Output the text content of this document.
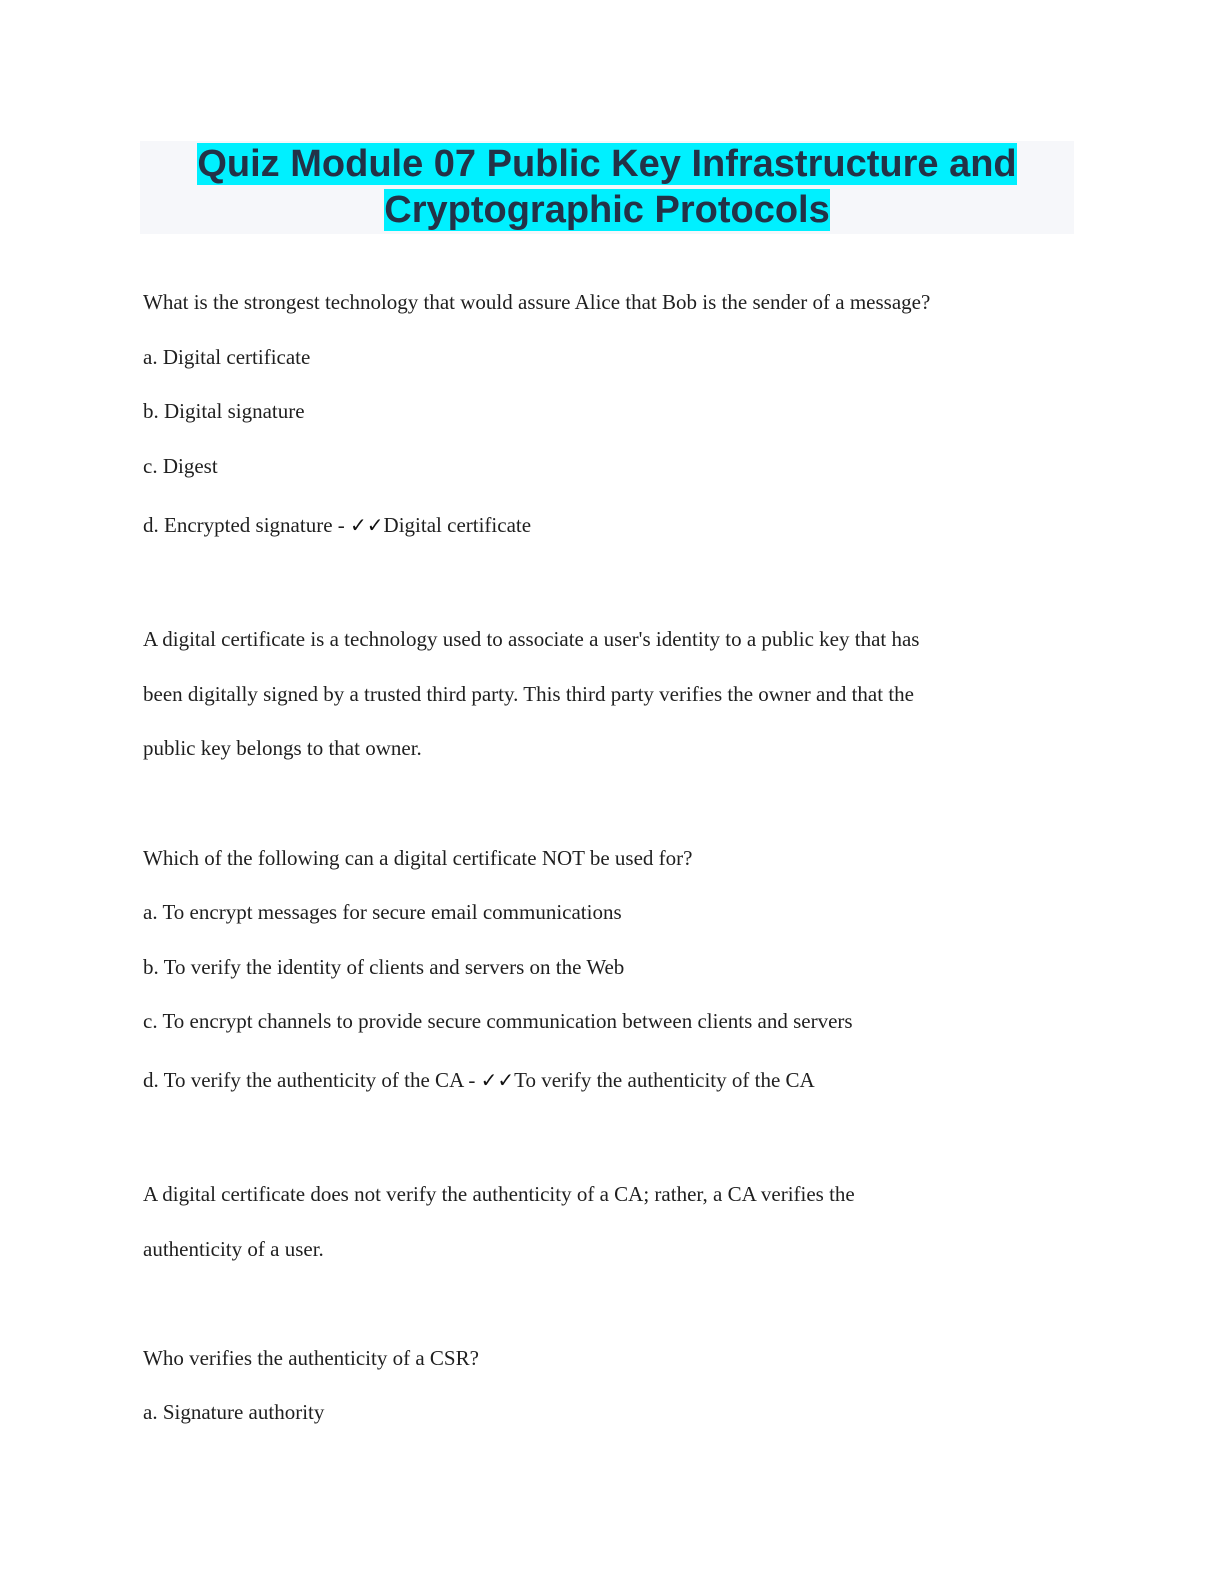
Quiz Module 07 Public Key Infrastructure and
Cryptographic Protocols
What is the strongest technology that would assure Alice that Bob is the sender of a message?
a. Digital certificate
b. Digital signature
c. Digest
d. Encrypted signature - ✓✓Digital certificate
A digital certificate is a technology used to associate a user's identity to a public key that has
been digitally signed by a trusted third party. This third party verifies the owner and that the
public key belongs to that owner.
Which of the following can a digital certificate NOT be used for?
a. To encrypt messages for secure email communications
b. To verify the identity of clients and servers on the Web
c. To encrypt channels to provide secure communication between clients and servers
d. To verify the authenticity of the CA - ✓✓To verify the authenticity of the CA
A digital certificate does not verify the authenticity of a CA; rather, a CA verifies the
authenticity of a user.
Who verifies the authenticity of a CSR?
a. Signature authority
